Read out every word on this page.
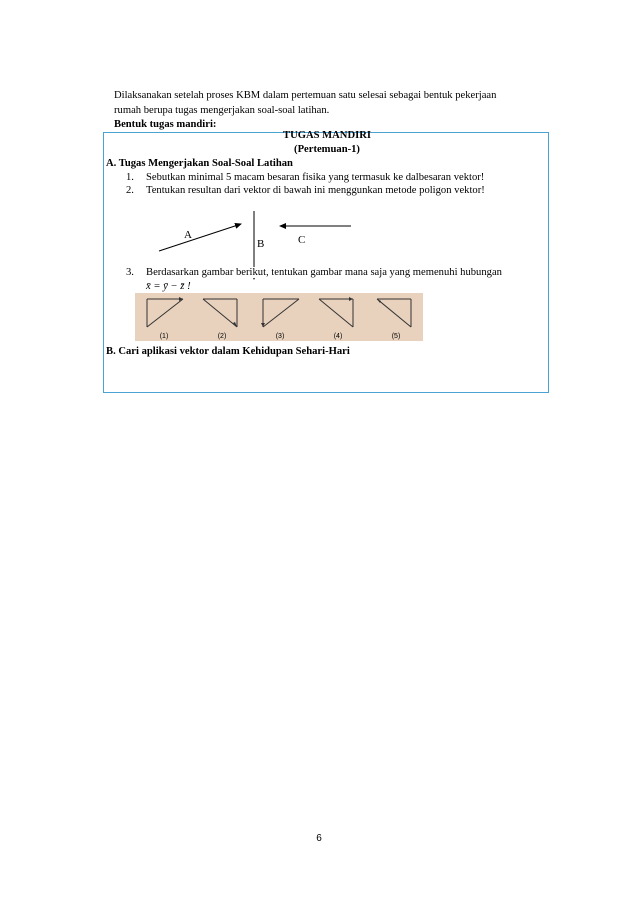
Dilaksanakan setelah proses KBM dalam pertemuan satu selesai sebagai bentuk pekerjaan

rumah berupa tugas mengerjakan soal-soal latihan.

Bentuk tugas mandiri:

TUGAS MANDIRI
(Pertemuan-1)
A. Tugas Mengerjakan Soal-Soal Latihan
1. Sebutkan minimal 5 macam besaran fisika yang termasuk ke dalbesaran vektor!
2. Tentukan resultan dari vektor di bawah ini menggunkan metode poligon vektor!
A
B	C
3. Berdasarkan gambar berikut, tentukan gambar mana saja yang memenuhi hubungan
x̄ = ȳ − z̄ !
(1)	(2)	(3)	(4)	(5)
B. Cari aplikasi vektor dalam Kehidupan Sehari-Hari
6
